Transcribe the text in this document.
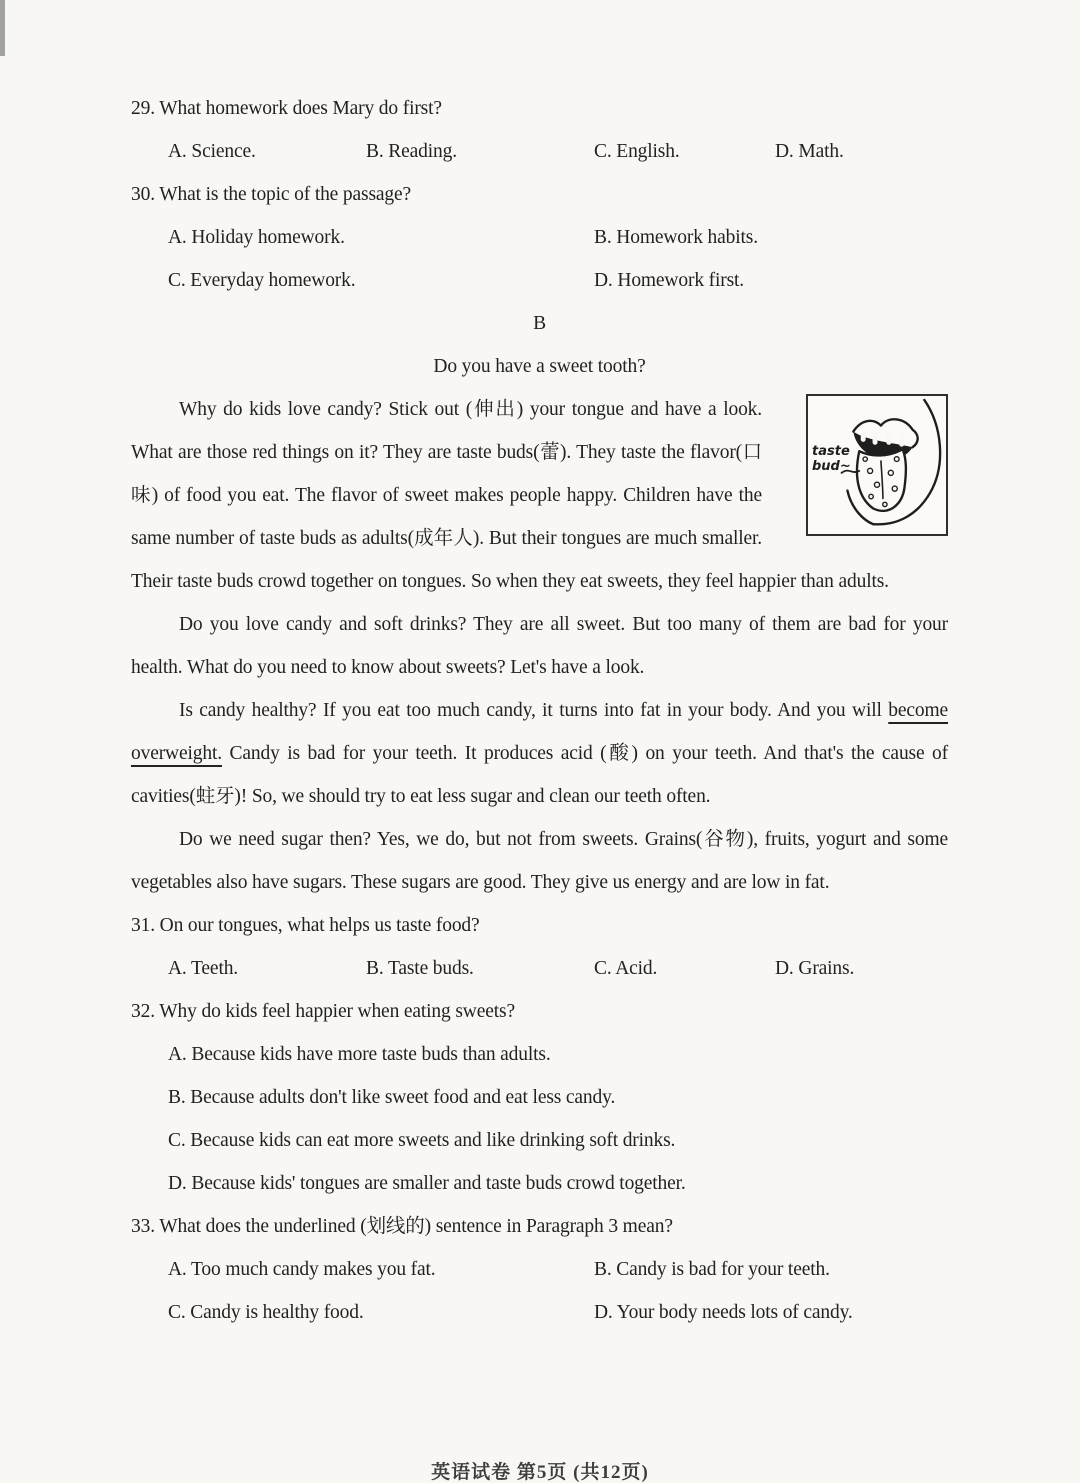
29. What homework does Mary do first?
A. Science.	B. Reading.	C. English.	D. Math.
30. What is the topic of the passage?
A. Holiday homework.	B. Homework habits.
C. Everyday homework.	D. Homework first.
B
Do you have a sweet tooth?

taste bud~
Why do kids love candy? Stick out (伸出) your tongue and have a look. What are those red things on it? They are taste buds(蕾). They taste the flavor(口味) of food you eat. The flavor of sweet makes people happy. Children have the same number of taste buds as adults(成年人). But their tongues are much smaller. Their taste buds crowd together on tongues. So when they eat sweets, they feel happier than adults.

Do you love candy and soft drinks? They are all sweet. But too many of them are bad for your health. What do you need to know about sweets? Let's have a look.

Is candy healthy? If you eat too much candy, it turns into fat in your body. And you will become overweight. Candy is bad for your teeth. It produces acid (酸) on your teeth. And that's the cause of cavities(蛀牙)! So, we should try to eat less sugar and clean our teeth often.

Do we need sugar then? Yes, we do, but not from sweets. Grains(谷物), fruits, yogurt and some vegetables also have sugars. These sugars are good. They give us energy and are low in fat.

31. On our tongues, what helps us taste food?
A. Teeth.	B. Taste buds.	C. Acid.	D. Grains.
32. Why do kids feel happier when eating sweets?
A. Because kids have more taste buds than adults.
B. Because adults don't like sweet food and eat less candy.
C. Because kids can eat more sweets and like drinking soft drinks.
D. Because kids' tongues are smaller and taste buds crowd together.
33. What does the underlined (划线的) sentence in Paragraph 3 mean?
A. Too much candy makes you fat.	B. Candy is bad for your teeth.
C. Candy is healthy food.	D. Your body needs lots of candy.
英语试卷 第5页 (共12页)
